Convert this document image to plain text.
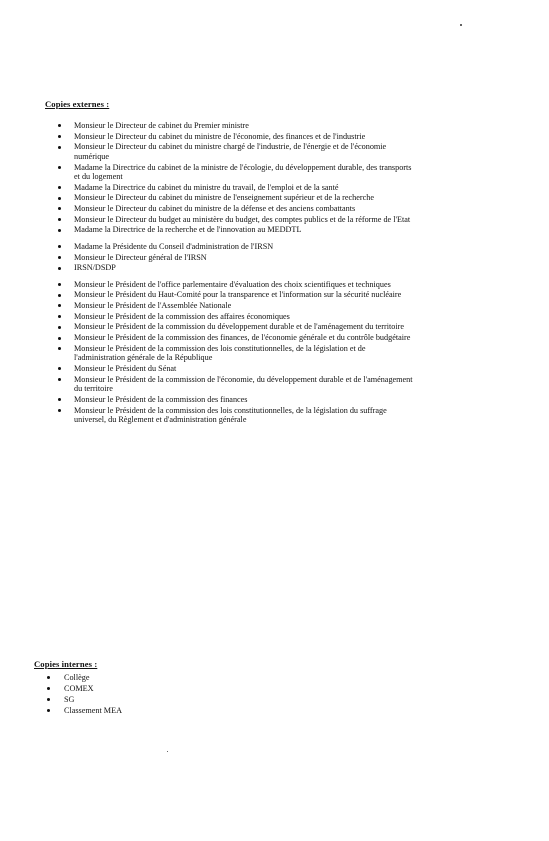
Copies externes :
Monsieur le Directeur de cabinet du Premier ministre
Monsieur le Directeur du cabinet du ministre de l'économie, des finances et de l'industrie
Monsieur le Directeur du cabinet du ministre chargé de l'industrie, de l'énergie et de l'économie numérique
Madame la Directrice du cabinet de la ministre de l'écologie, du développement durable, des transports et du logement
Madame la Directrice du cabinet du ministre du travail, de l'emploi et de la santé
Monsieur le Directeur du cabinet du ministre de l'enseignement supérieur et de la recherche
Monsieur le Directeur du cabinet du ministre de la défense et des anciens combattants
Monsieur le Directeur du budget au ministère du budget, des comptes publics et de la réforme de l'Etat
Madame la Directrice de la recherche et de l'innovation au MEDDTL
Madame la Présidente du Conseil d'administration de l'IRSN
Monsieur le Directeur général de l'IRSN
IRSN/DSDP
Monsieur le Président de l'office parlementaire d'évaluation des choix scientifiques et techniques
Monsieur le Président du Haut-Comité pour la transparence et l'information sur la sécurité nucléaire
Monsieur le Président de l'Assemblée Nationale
Monsieur le Président de la commission des affaires économiques
Monsieur le Président de la commission du développement durable et de l'aménagement du territoire
Monsieur le Président de la commission des finances, de l'économie générale et du contrôle budgétaire
Monsieur le Président de la commission des lois constitutionnelles, de la législation et de l'administration générale de la République
Monsieur le Président du Sénat
Monsieur le Président de la commission de l'économie, du développement durable et de l'aménagement du territoire
Monsieur le Président de la commission des finances
Monsieur le Président de la commission des lois constitutionnelles, de la législation du suffrage universel, du Règlement et d'administration générale
Copies internes :
Collège
COMEX
SG
Classement MEA
